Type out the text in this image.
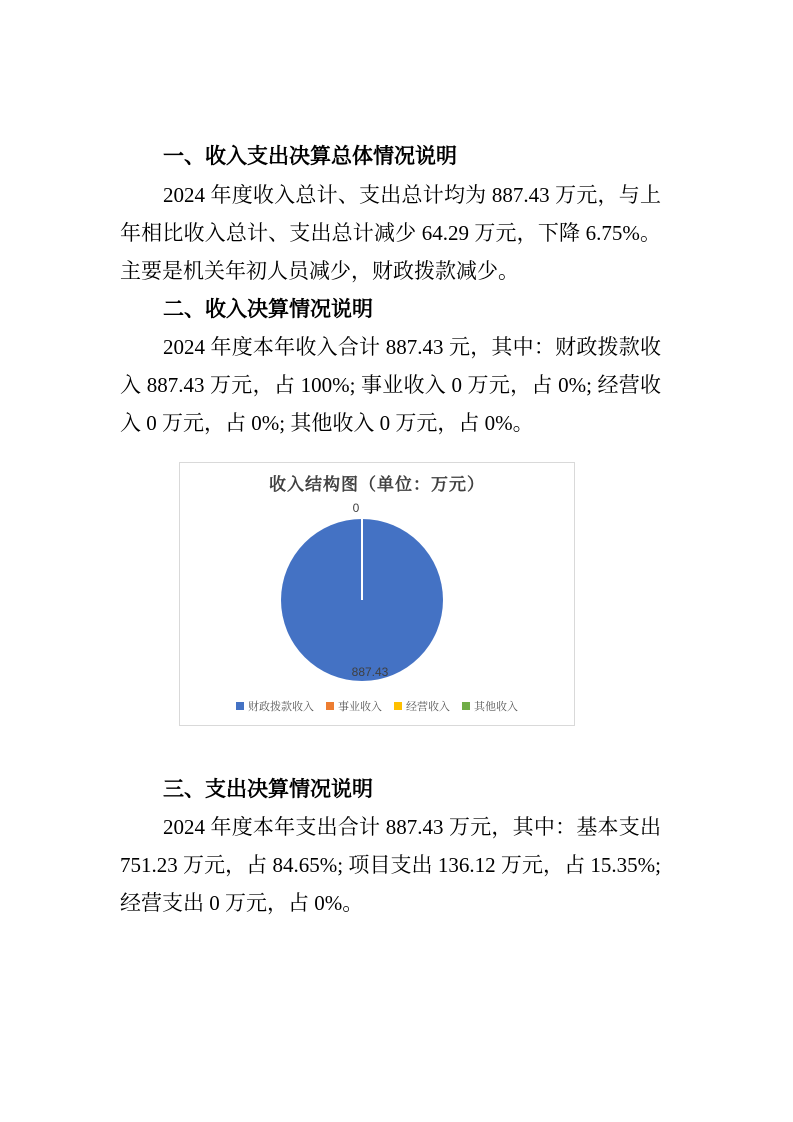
一、收入支出决算总体情况说明
2024 年度收入总计、支出总计均为 887.43 万元，与上
年相比收入总计、支出总计减少 64.29 万元，下降 6.75%。
主要是机关年初人员减少，财政拨款减少。
二、收入决算情况说明
2024 年度本年收入合计 887.43 元，其中：财政拨款收
入 887.43 万元，占 100%; 事业收入 0 万元，占 0%; 经营收
入 0 万元，占 0%; 其他收入 0 万元，占 0%。
收入结构图（单位：万元）
0
887.43
财政拨款收入 事业收入 经营收入 其他收入
三、支出决算情况说明
2024 年度本年支出合计 887.43 万元，其中：基本支出
751.23 万元，占 84.65%; 项目支出 136.12 万元，占 15.35%;
经营支出 0 万元，占 0%。
